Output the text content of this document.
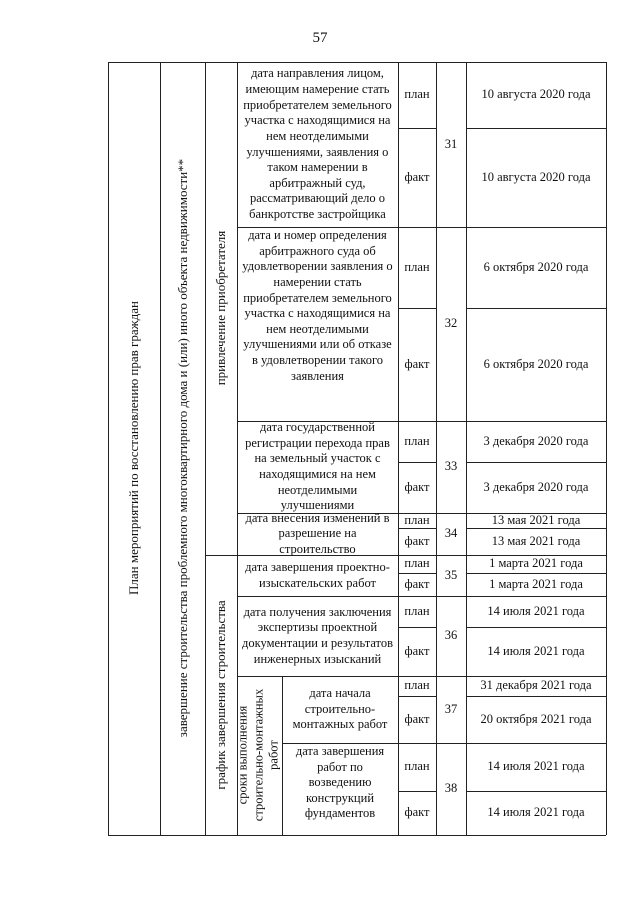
57
План мероприятий по восстановлению прав граждан	завершение строительства проблемного многоквартирного дома и (или) иного объекта недвижимости** привлечение приобретателя
график завершения строительства сроки выполнения строительно-монтажных работ
дата направления лицом, имеющим намерение стать приобретателем земельного участка с находящимися на нем неотделимыми улучшениями, заявления о таком намерении в арбитражный суд, рассматривающий дело о банкротстве застройщика
план
факт
31
10 августа 2020 года
10 августа 2020 года
дата и номер определения арбитражного суда об удовлетворении заявления о намерении стать приобретателем земельного участка с находящимися на нем неотделимыми улучшениями или об отказе в удовлетворении такого заявления
план
факт
32
6 октября 2020 года
6 октября 2020 года
дата государственной регистрации перехода прав на земельный участок с находящимися на нем неотделимыми улучшениями
план
факт
33
3 декабря 2020 года
3 декабря 2020 года
дата внесения изменений в разрешение на строительство
план
факт
34
13 мая 2021 года
13 мая 2021 года
дата завершения проектно-изыскательских работ
план
факт
35
1 марта 2021 года
1 марта 2021 года
дата получения заключения экспертизы проектной документации и результатов инженерных изысканий
план
факт
36
14 июля 2021 года
14 июля 2021 года
дата начала строительно-монтажных работ
план
факт
37
31 декабря 2021 года
20 октября 2021 года
дата завершения работ по возведению конструкций фундаментов
план
факт
38
14 июля 2021 года
14 июля 2021 года
